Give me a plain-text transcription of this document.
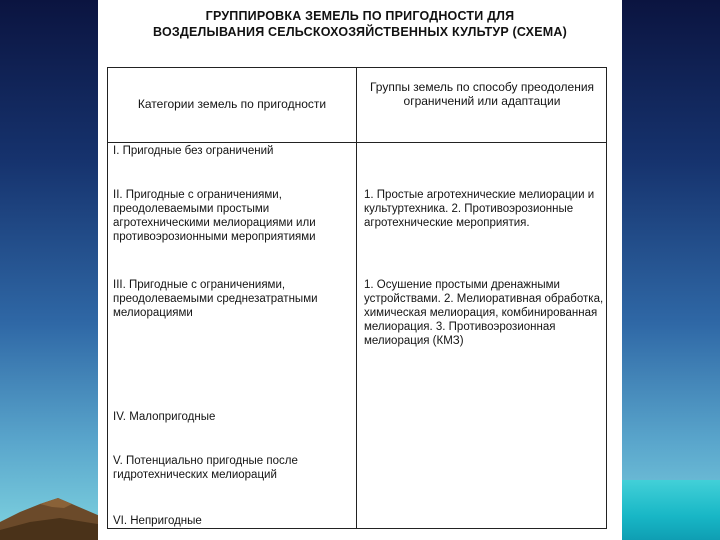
ГРУППИРОВКА ЗЕМЕЛЬ ПО ПРИГОДНОСТИ ДЛЯ
ВОЗДЕЛЫВАНИЯ СЕЛЬСКОХОЗЯЙСТВЕННЫХ КУЛЬТУР (СХЕМА)
Категории земель по пригодности
Группы земель по способу преодоления ограничений или адаптации
I. Пригодные без ограничений
II. Пригодные с ограничениями, преодолеваемыми простыми агротехническими мелиорациями или противоэрозионными мероприятиями
1. Простые агротехнические мелиорации и культуртехника. 2. Противоэрозионные агротехнические мероприятия.
III. Пригодные с ограничениями, преодолеваемыми среднезатратными мелиорациями
1. Осушение простыми дренажными устройствами. 2. Мелиоративная обработка, химическая мелиорация, комбинированная мелиорация. 3. Противоэрозионная мелиорация (КМЗ)
IV. Малопригодные
V. Потенциально пригодные после гидротехнических мелиораций
VI. Непригодные
